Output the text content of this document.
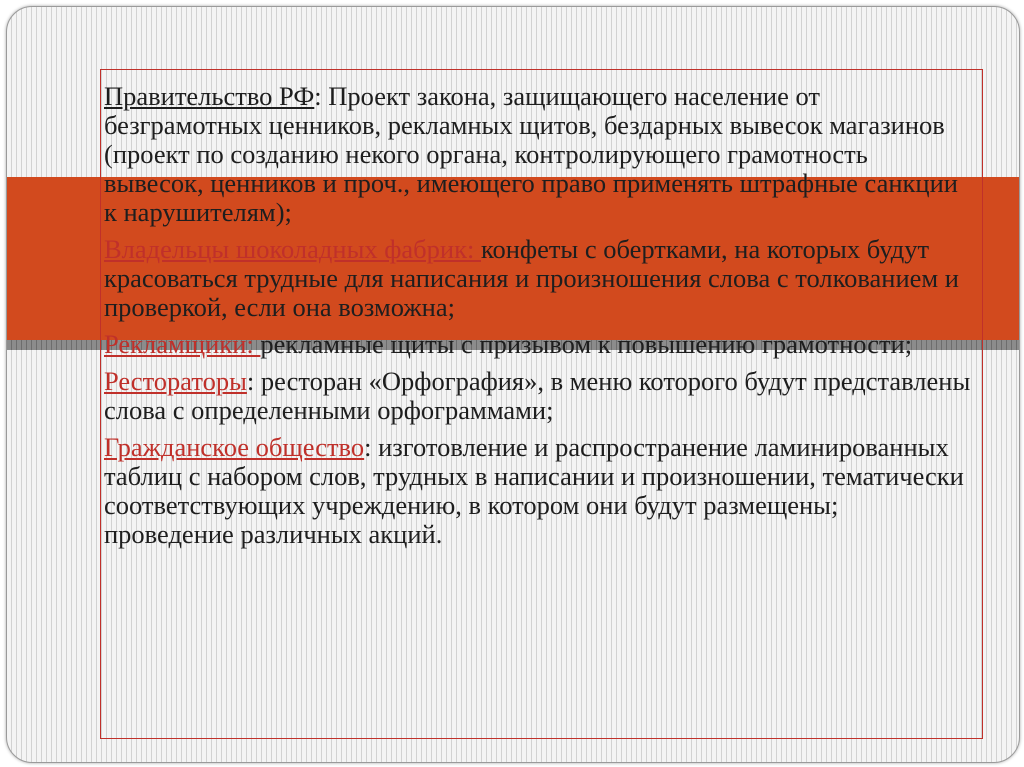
Правительство РФ: Проект закона, защищающего население от безграмотных ценников, рекламных щитов, бездарных вывесок магазинов (проект по созданию некого органа, контролирующего грамотность вывесок, ценников и проч., имеющего право применять штрафные санкции к нарушителям);

Владельцы шоколадных фабрик: конфеты с обертками, на которых будут красоваться трудные для написания и произношения слова с толкованием и проверкой, если она возможна;

Рекламщики: рекламные щиты с призывом к повышению грамотности;

Рестораторы: ресторан «Орфография», в меню которого будут представлены слова с определенными орфограммами;

Гражданское общество: изготовление и распространение ламинированных таблиц с набором слов, трудных в написании и произношении, тематически соответствующих учреждению, в котором они будут размещены; проведение различных акций.
